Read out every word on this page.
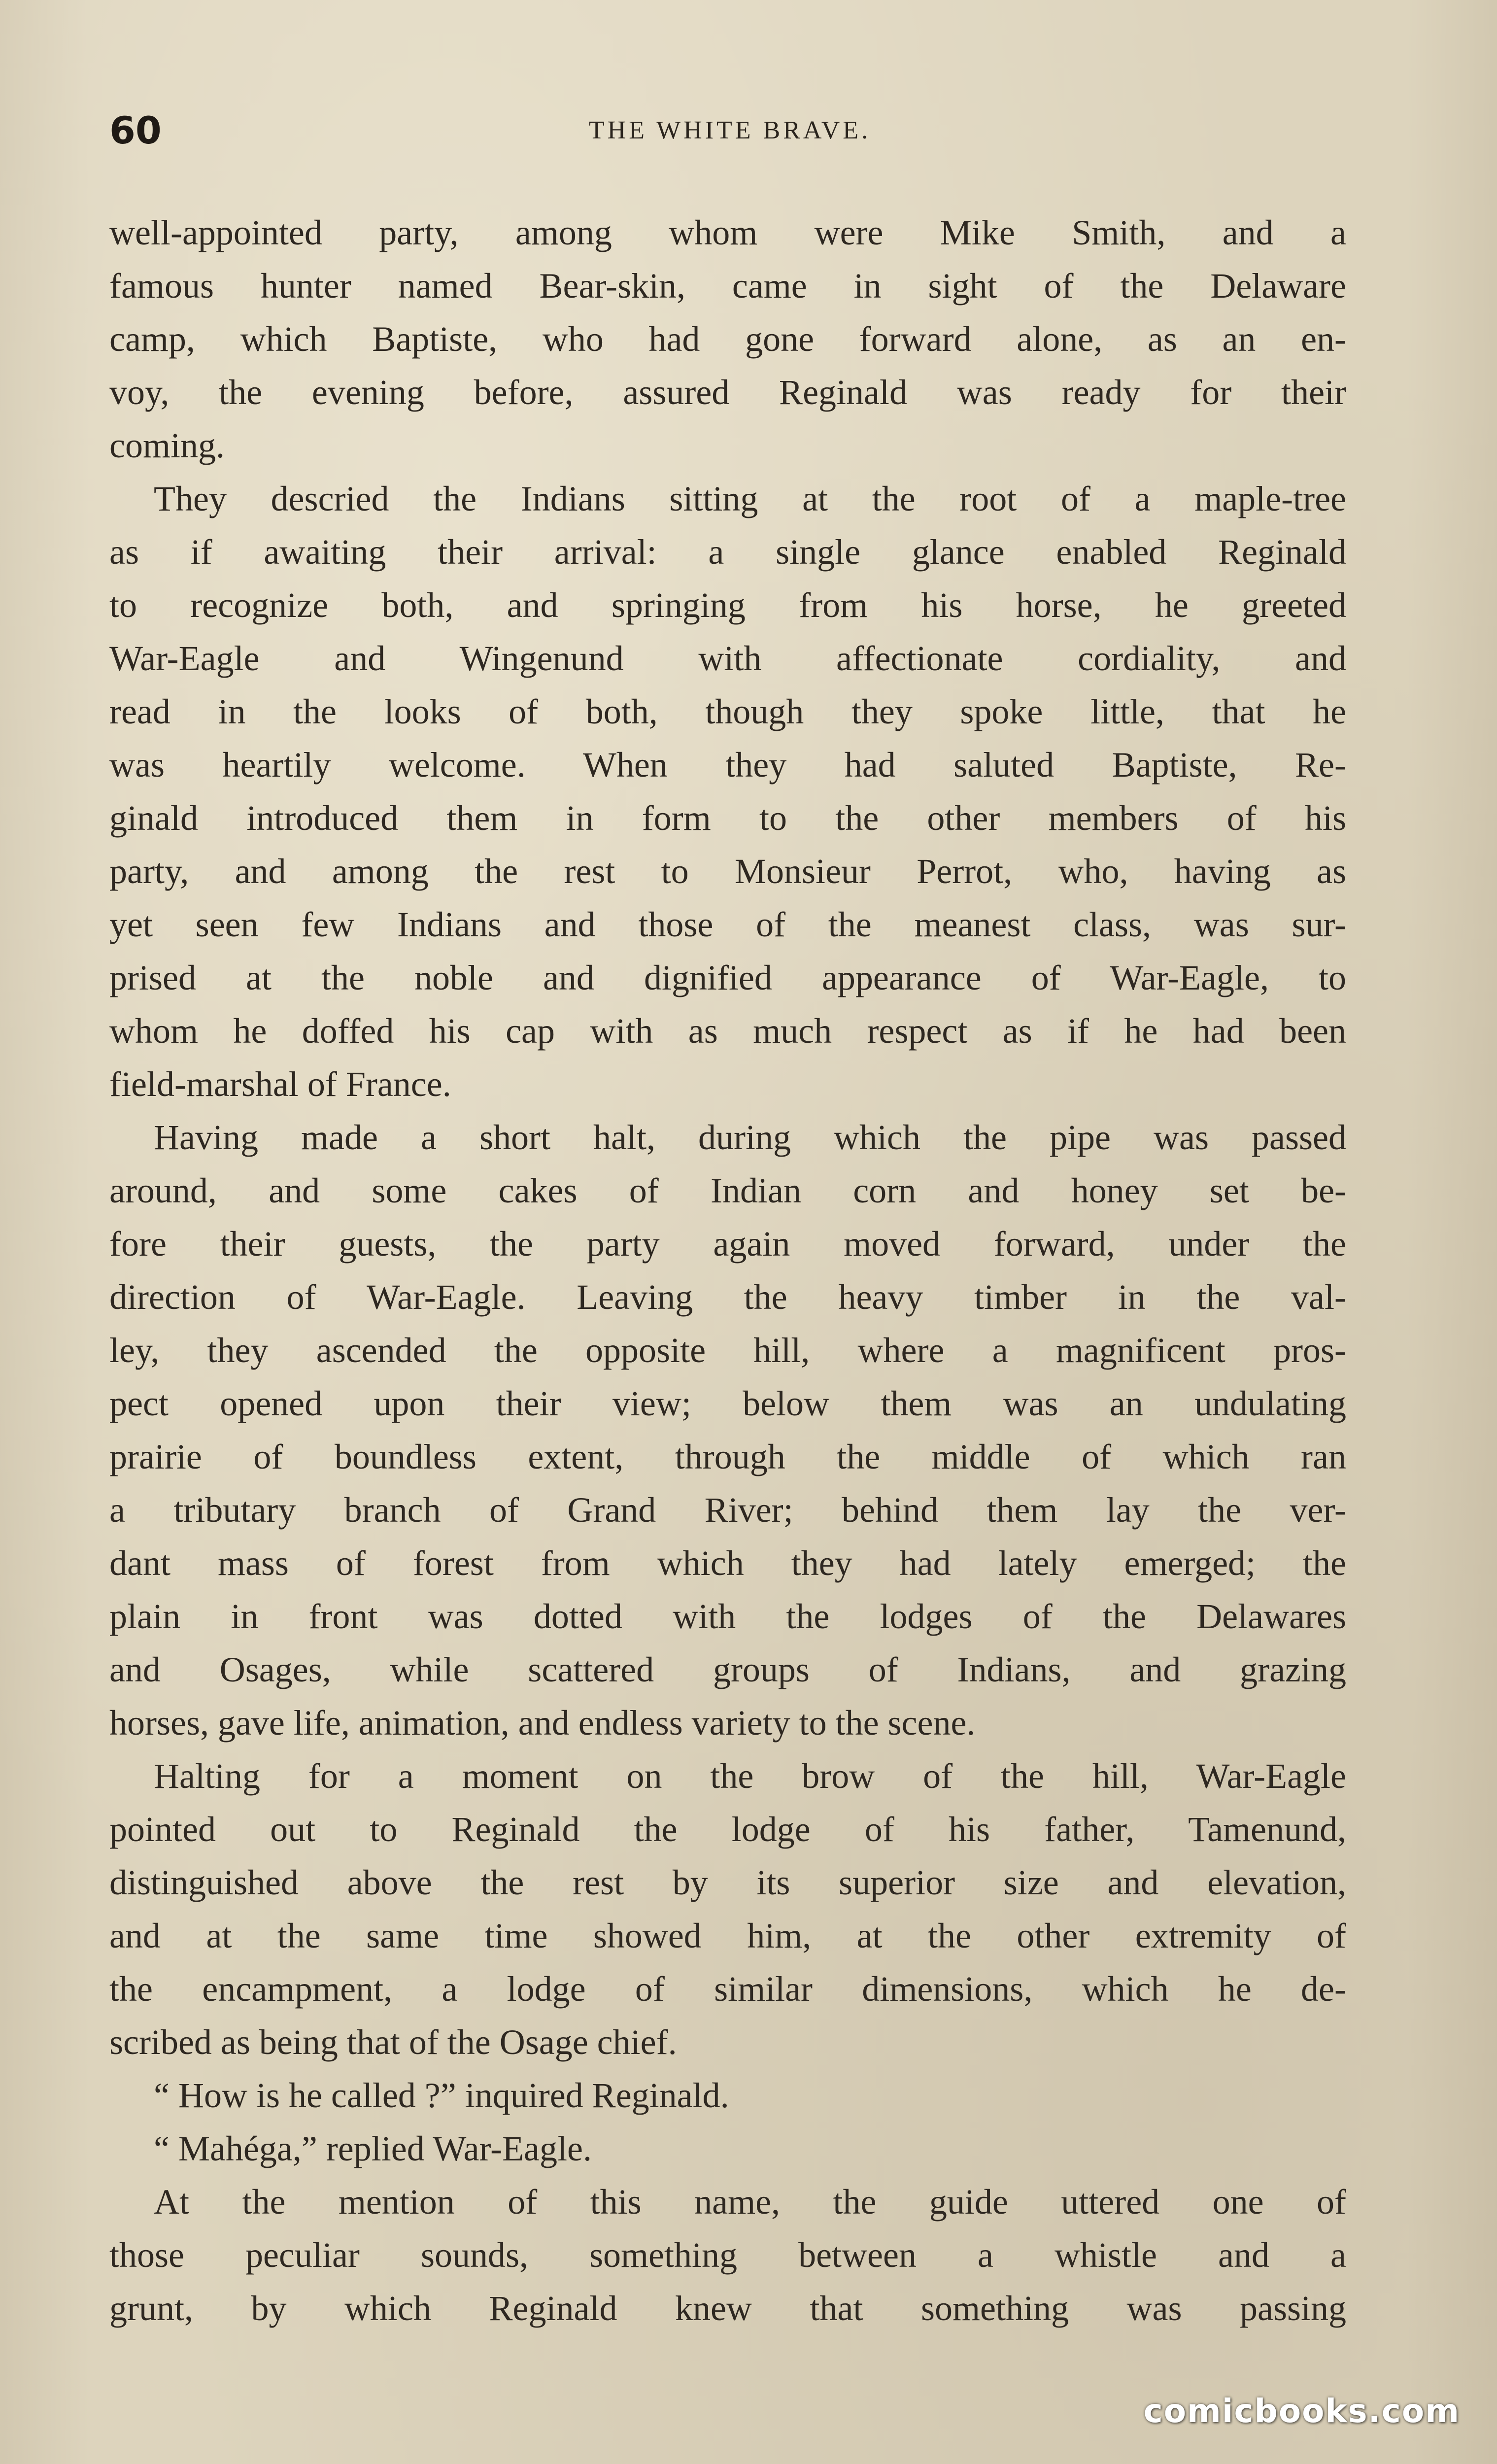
60	THE WHITE BRAVE.
well-appointed party, among whom were Mike Smith, and a
famous hunter named Bear-skin, came in sight of the Delaware
camp, which Baptiste, who had gone forward alone, as an en-
voy, the evening before, assured Reginald was ready for their
coming.
They descried the Indians sitting at the root of a maple-tree
as if awaiting their arrival: a single glance enabled Reginald
to recognize both, and springing from his horse, he greeted
War-Eagle and Wingenund with affectionate cordiality, and
read in the looks of both, though they spoke little, that he
was heartily welcome. When they had saluted Baptiste, Re-
ginald introduced them in form to the other members of his
party, and among the rest to Monsieur Perrot, who, having as
yet seen few Indians and those of the meanest class, was sur-
prised at the noble and dignified appearance of War-Eagle, to
whom he doffed his cap with as much respect as if he had been
field-marshal of France.
Having made a short halt, during which the pipe was passed
around, and some cakes of Indian corn and honey set be-
fore their guests, the party again moved forward, under the
direction of War-Eagle. Leaving the heavy timber in the val-
ley, they ascended the opposite hill, where a magnificent pros-
pect opened upon their view; below them was an undulating
prairie of boundless extent, through the middle of which ran
a tributary branch of Grand River; behind them lay the ver-
dant mass of forest from which they had lately emerged; the
plain in front was dotted with the lodges of the Delawares
and Osages, while scattered groups of Indians, and grazing
horses, gave life, animation, and endless variety to the scene.
Halting for a moment on the brow of the hill, War-Eagle
pointed out to Reginald the lodge of his father, Tamenund,
distinguished above the rest by its superior size and elevation,
and at the same time showed him, at the other extremity of
the encampment, a lodge of similar dimensions, which he de-
scribed as being that of the Osage chief.
“ How is he called ?” inquired Reginald.
“ Mahéga,” replied War-Eagle.
At the mention of this name, the guide uttered one of
those peculiar sounds, something between a whistle and a
grunt, by which Reginald knew that something was passing
comicbooks.com
